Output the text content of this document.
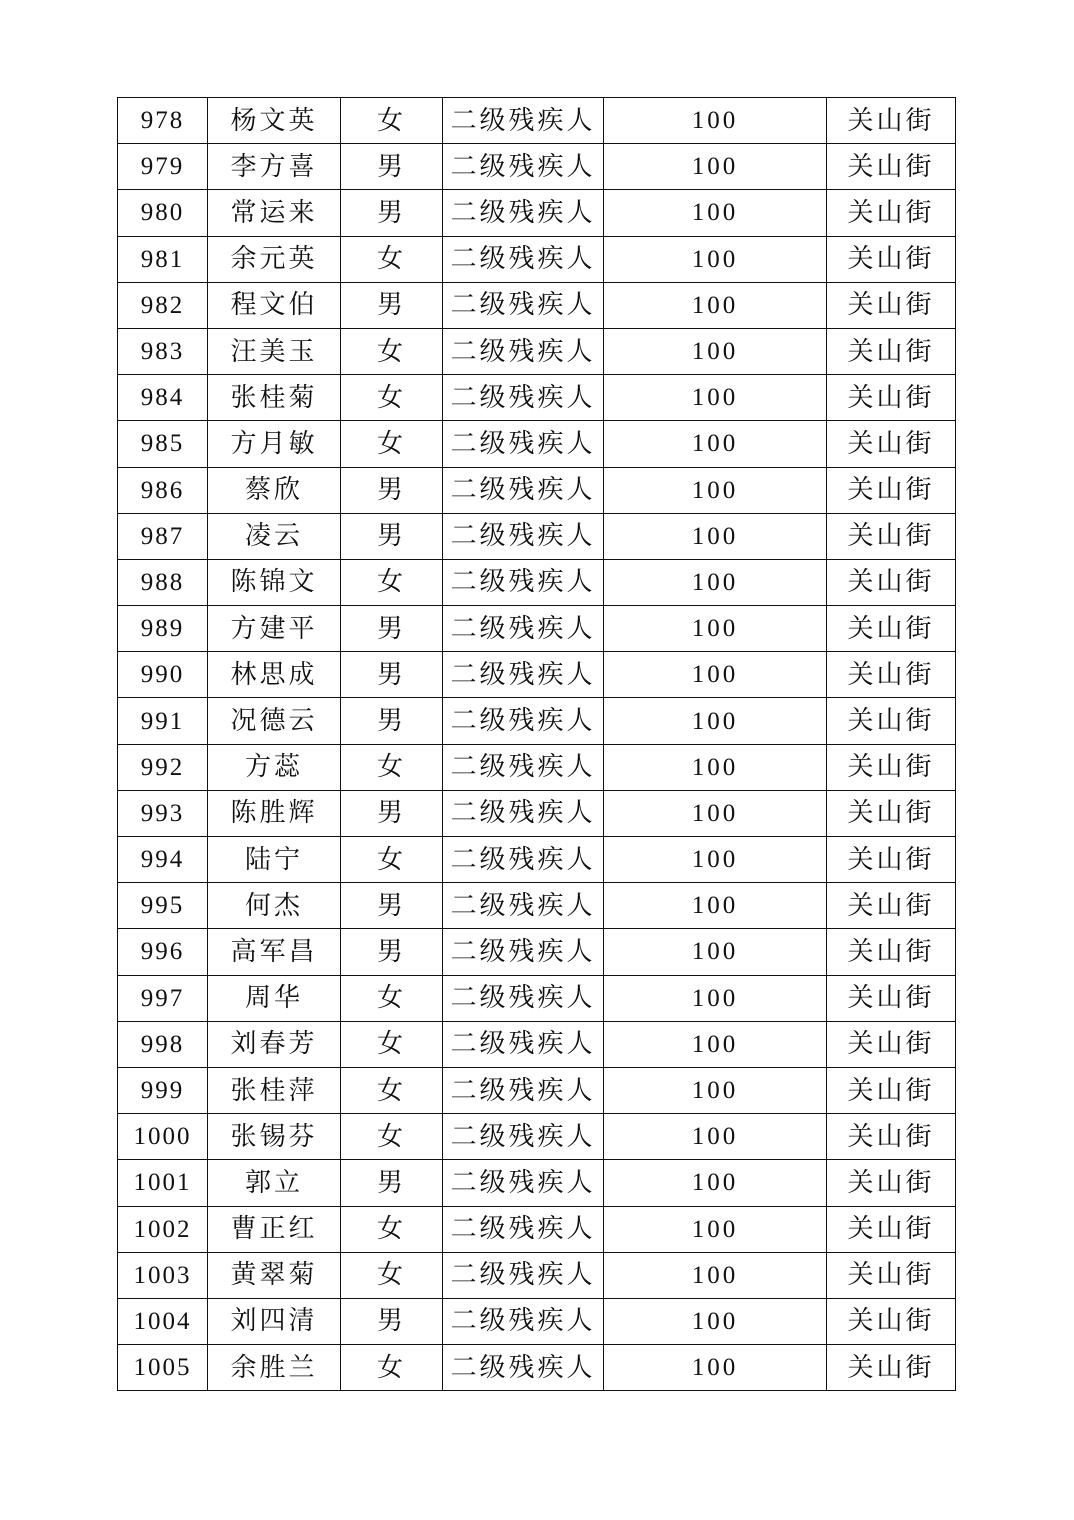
978	杨文英	女	二级残疾人	100	关山街
979	李方喜	男	二级残疾人	100	关山街
980	常运来	男	二级残疾人	100	关山街
981	余元英	女	二级残疾人	100	关山街
982	程文伯	男	二级残疾人	100	关山街
983	汪美玉	女	二级残疾人	100	关山街
984	张桂菊	女	二级残疾人	100	关山街
985	方月敏	女	二级残疾人	100	关山街
986	蔡欣	男	二级残疾人	100	关山街
987	凌云	男	二级残疾人	100	关山街
988	陈锦文	女	二级残疾人	100	关山街
989	方建平	男	二级残疾人	100	关山街
990	林思成	男	二级残疾人	100	关山街
991	况德云	男	二级残疾人	100	关山街
992	方蕊	女	二级残疾人	100	关山街
993	陈胜辉	男	二级残疾人	100	关山街
994	陆宁	女	二级残疾人	100	关山街
995	何杰	男	二级残疾人	100	关山街
996	高军昌	男	二级残疾人	100	关山街
997	周华	女	二级残疾人	100	关山街
998	刘春芳	女	二级残疾人	100	关山街
999	张桂萍	女	二级残疾人	100	关山街
1000	张锡芬	女	二级残疾人	100	关山街
1001	郭立	男	二级残疾人	100	关山街
1002	曹正红	女	二级残疾人	100	关山街
1003	黄翠菊	女	二级残疾人	100	关山街
1004	刘四清	男	二级残疾人	100	关山街
1005	余胜兰	女	二级残疾人	100	关山街
